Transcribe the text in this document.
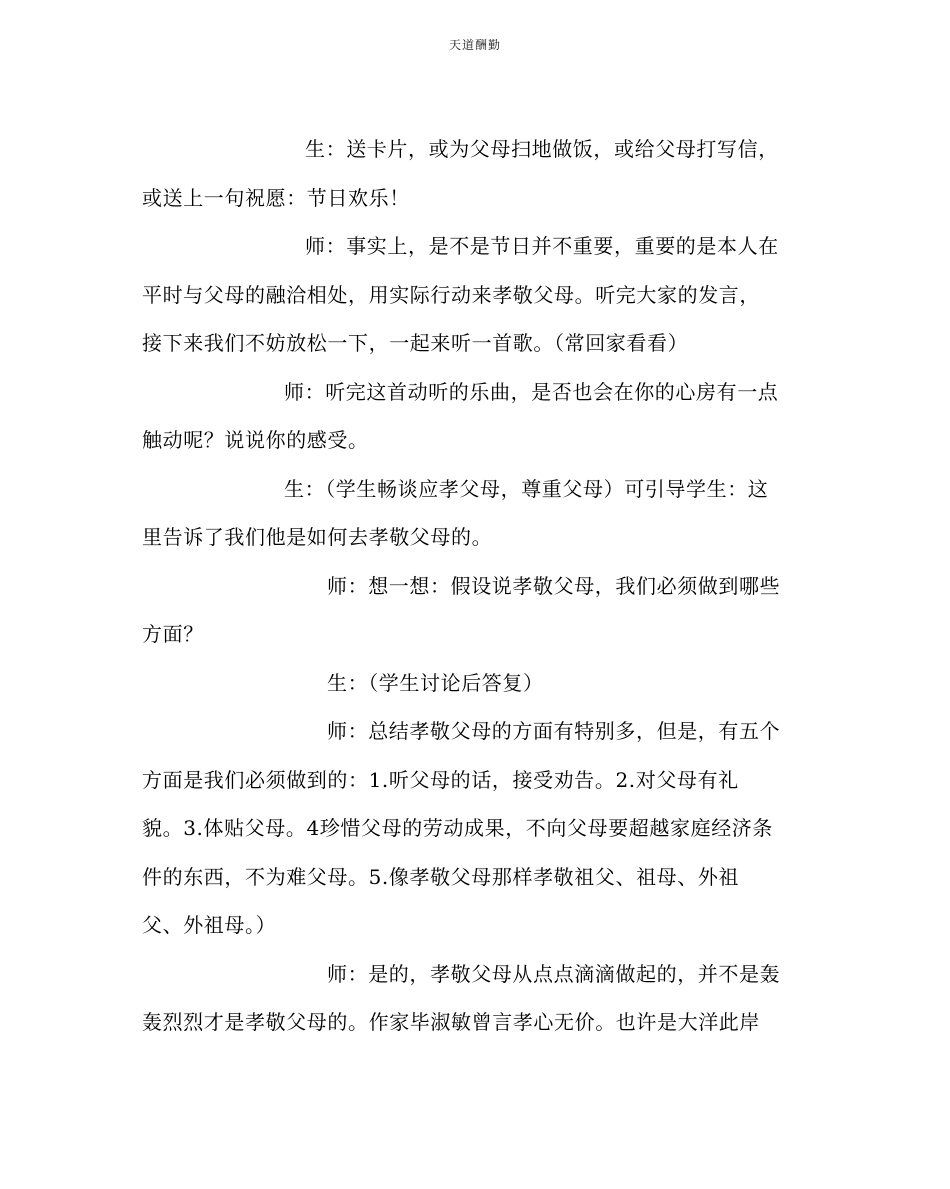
天道酬勤
生：送卡片，或为父母扫地做饭，或给父母打写信，
或送上一句祝愿：节日欢乐！
师：事实上，是不是节日并不重要，重要的是本人在
平时与父母的融洽相处，用实际行动来孝敬父母。听完大家的发言，
接下来我们不妨放松一下，一起来听一首歌。（常回家看看）
师：听完这首动听的乐曲，是否也会在你的心房有一点
触动呢？说说你的感受。
生：（学生畅谈应孝父母，尊重父母）可引导学生：这
里告诉了我们他是如何去孝敬父母的。
师：想一想：假设说孝敬父母，我们必须做到哪些
方面？
生：（学生讨论后答复）
师：总结孝敬父母的方面有特别多，但是，有五个
方面是我们必须做到的：1.听父母的话，接受劝告。2.对父母有礼
貌。3.体贴父母。4珍惜父母的劳动成果，不向父母要超越家庭经济条
件的东西，不为难父母。5.像孝敬父母那样孝敬祖父、祖母、外祖
父、外祖母。）
师：是的，孝敬父母从点点滴滴做起的，并不是轰
轰烈烈才是孝敬父母的。作家毕淑敏曾言孝心无价。也许是大洋此岸
